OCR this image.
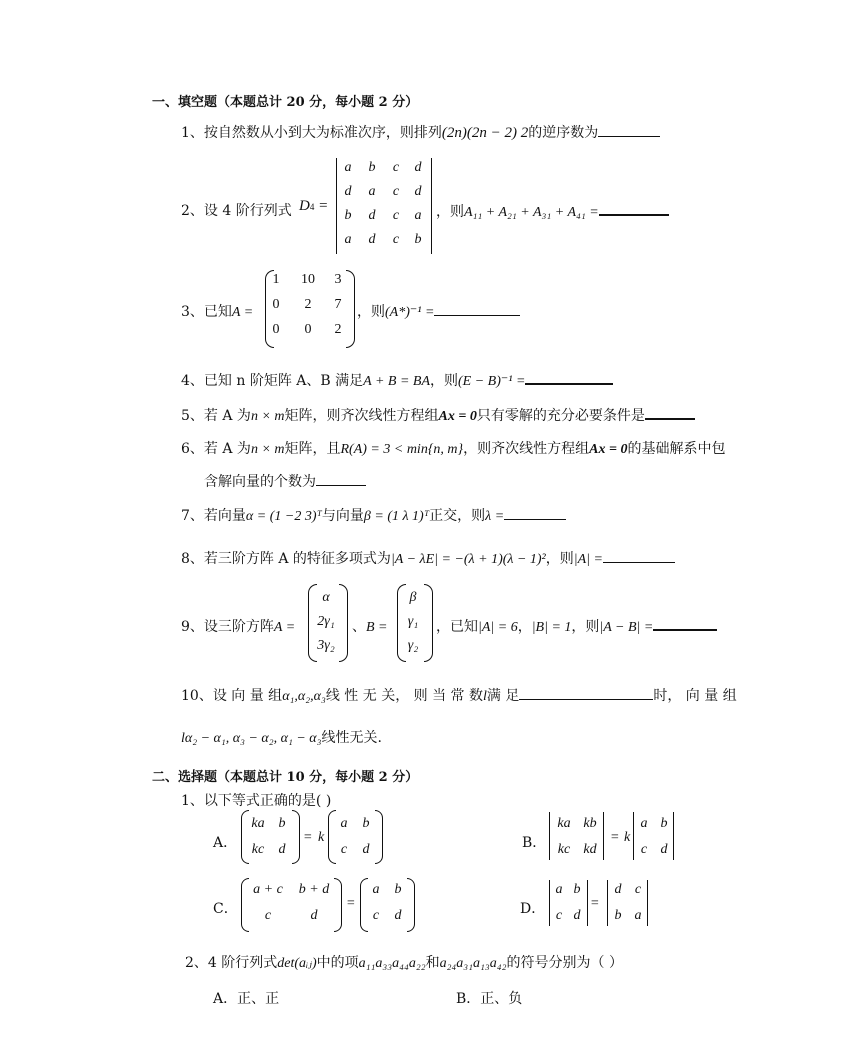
一、填空题（本题总计 20 分，每小题 2 分）
1、按自然数从小到大为标准次序，则排列(2n)(2n − 2) 2的逆序数为
2、设 4 阶行列式 D4 =
a	b	c	d
d	a	c	d
b	d	c	a
a	d	c	b
，则A₁₁ + A₂₁ + A₃₁ + A₄₁ =
3、已知A =
1	10	3
0	2	7
0	0	2
，则(A*)⁻¹ =
4、已知 n 阶矩阵 A、B 满足A + B = BA，则(E − B)⁻¹ =
5、若 A 为n × m矩阵，则齐次线性方程组Ax = 0只有零解的充分必要条件是
6、若 A 为n × m矩阵，且R(A) = 3 < min{n, m}，则齐次线性方程组Ax = 0的基础解系中包
含解向量的个数为
7、若向量α = (1 −2 3)ᵀ与向量β = (1 λ 1)ᵀ正交，则λ =
8、若三阶方阵 A 的特征多项式为|A − λE| = −(λ + 1)(λ − 1)²，则|A| =
9、设三阶方阵A =
α
2γ₁
3γ₂
、B =
β
γ₁
γ₂
，已知|A| = 6，|B| = 1，则|A − B| =
10、设 向 量 组α₁,α₂,α₃线 性 无 关， 则 当 常 数l满 足	时， 向 量 组
lα₂ − α₁, α₃ − α₂, α₁ − α₃线性无关.
二、选择题（本题总计 10 分，每小题 2 分）
1、以下等式正确的是( )
A．
ka b
kc	d
= k
a	b
c	d	B．
ka kb
kc kd
= k
a b
c d
C．
a + c	b + d
c	d
=
a	b
c	d	D．
a b
c d
=
d c
b a
2、4 阶行列式det(aᵢⱼ)中的项a₁₁a₃₃a₄₄a₂₂和a₂₄a₃₁a₁₃a₄₂的符号分别为（ ）
A．正、正	B．正、负
